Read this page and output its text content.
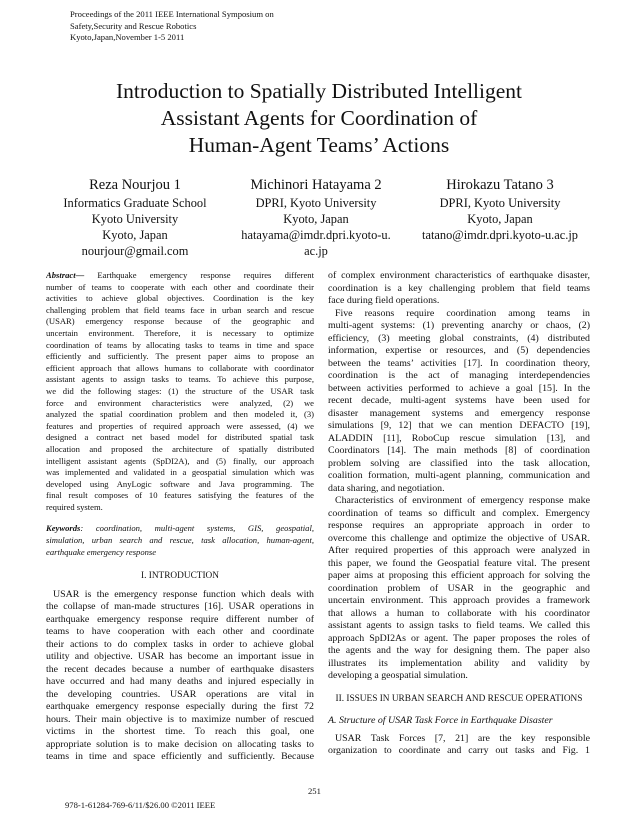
Proceedings of the 2011 IEEE International Symposium on
Safety,Security and Rescue Robotics
Kyoto,Japan,November 1-5 2011
Introduction to Spatially Distributed Intelligent
Assistant Agents for Coordination of
Human-Agent Teams’ Actions
Reza Nourjou 1
Informatics Graduate School
Kyoto University
Kyoto, Japan
nourjour@gmail.com
Michinori Hatayama 2
DPRI, Kyoto University
Kyoto, Japan
hatayama@imdr.dpri.kyoto-u.
ac.jp
Hirokazu Tatano 3
DPRI, Kyoto University
Kyoto, Japan
tatano@imdr.dpri.kyoto-u.ac.jp
Abstract— Earthquake emergency response requires different
number of teams to cooperate with each other and coordinate their
activities to achieve global objectives. Coordination is the key
challenging problem that field teams face in urban search and rescue
(USAR) emergency response because of the geographic and
uncertain environment. Therefore, it is necessary to optimize
coordination of teams by allocating tasks to teams in time and space
efficiently and sufficiently. The present paper aims to propose an
efficient approach that allows humans to collaborate with coordinator
assistant agents to assign tasks to teams. To achieve this purpose,
we did the following stages: (1) the structure of the USAR task
force and environment characteristics were analyzed, (2) we
analyzed the spatial coordination problem and then modeled it, (3)
features and properties of required approach were assessed, (4) we
designed a contract net based model for distributed spatial task
allocation and proposed the architecture of spatially distributed
intelligent assistant agents (SpDI2A), and (5) finally, our approach
was implemented and validated in a geospatial simulation which was
developed using AnyLogic software and Java programming. The
final result composes of 10 features satisfying the features of the
required system.
Keywords: coordination, multi-agent systems, GIS, geospatial,
simulation, urban search and rescue, task allocation, human-agent,
earthquake emergency response
I. INTRODUCTION
USAR is the emergency response function which deals with
the collapse of man-made structures [16]. USAR operations in
earthquake emergency response require different number of
teams to have cooperation with each other and coordinate
their actions to do complex tasks in order to achieve global
utility and objective. USAR has become an important issue in
the recent decades because a number of earthquake disasters
have occurred and had many deaths and injured especially in
the developing countries. USAR operations are vital in
earthquake emergency response especially during the first 72
hours. Their main objective is to maximize number of rescued
victims in the shortest time. To reach this goal, one
appropriate solution is to make decision on allocating tasks to
teams in time and space efficiently and sufficiently. Because
of complex environment characteristics of earthquake disaster,
coordination is a key challenging problem that field teams
face during field operations.
Five reasons require coordination among teams in
multi-agent systems: (1) preventing anarchy or chaos, (2)
efficiency, (3) meeting global constraints, (4) distributed
information, expertise or resources, and (5) dependencies
between the teams’ activities [17]. In coordination theory,
coordination is the act of managing interdependencies
between activities performed to achieve a goal [15]. In the
recent decade, multi-agent systems have been used for
disaster management systems and emergency response
simulations [9, 12] that we can mention DEFACTO [19],
ALADDIN [11], RoboCup rescue simulation [13], and
Coordinators [14]. The main methods [8] of coordination
problem solving are classified into the task allocation,
coalition formation, multi-agent planning, communication and
data sharing, and negotiation.
Characteristics of environment of emergency response make
coordination of teams so difficult and complex. Emergency
response requires an appropriate approach in order to
overcome this challenge and optimize the objective of USAR.
After required properties of this approach were analyzed in
this paper, we found the Geospatial feature vital. The present
paper aims at proposing this efficient approach for solving the
coordination problem of USAR in the geographic and
uncertain environment. This approach provides a framework
that allows a human to collaborate with his coordinator
assistant agents to assign tasks to field teams. We called this
approach SpDI2As or agent. The paper proposes the roles of
the agents and the way for designing them. The paper also
illustrates its implementation ability and validity by
developing a geospatial simulation.
II. ISSUES IN URBAN SEARCH AND RESCUE OPERATIONS
A. Structure of USAR Task Force in Earthquake Disaster
USAR Task Forces [7, 21] are the key responsible
organization to coordinate and carry out tasks and Fig. 1
251
978-1-61284-769-6/11/$26.00 ©2011 IEEE
